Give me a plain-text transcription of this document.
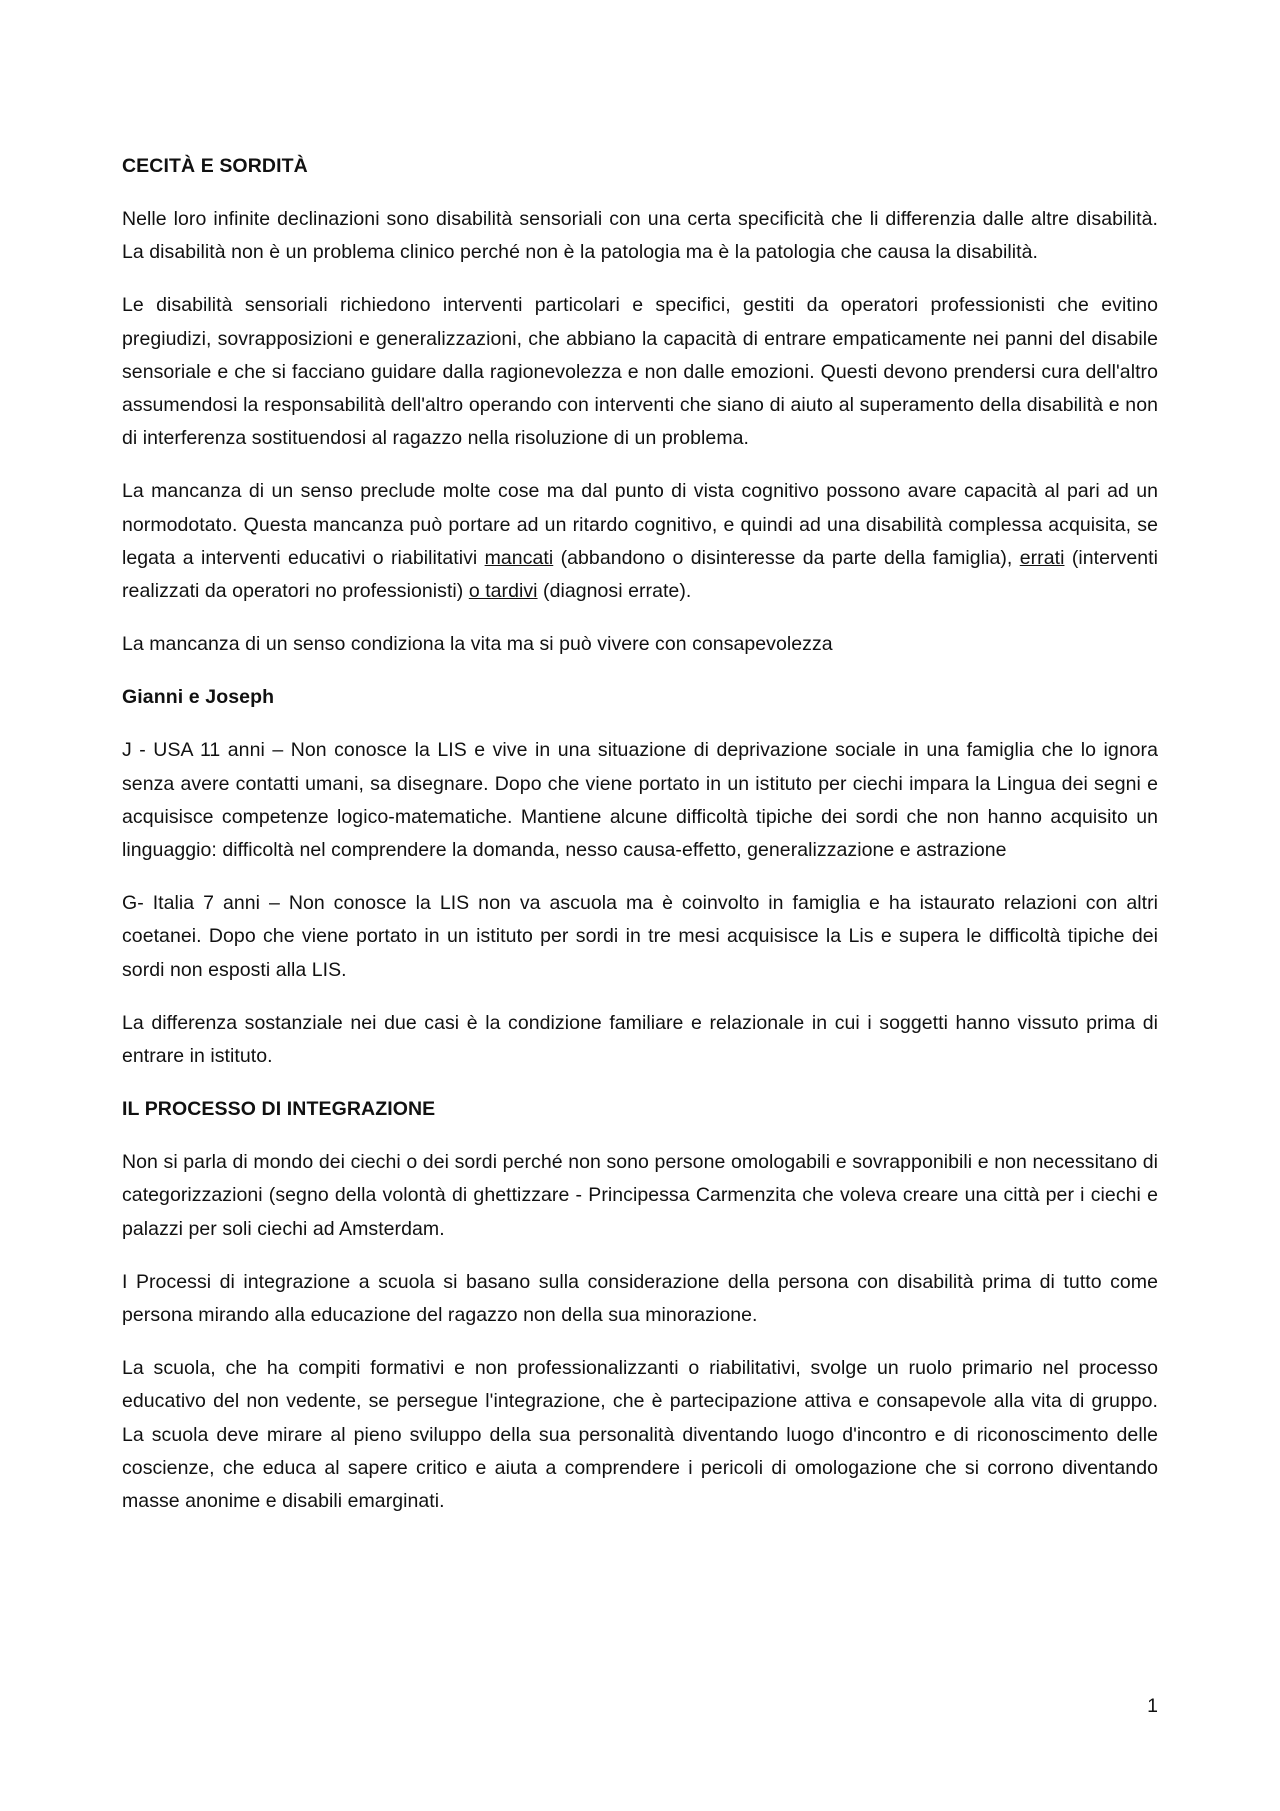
CECITÀ E SORDITÀ
Nelle loro infinite declinazioni sono disabilità sensoriali con una certa specificità che li differenzia dalle altre disabilità. La disabilità non è un problema clinico perché non è la patologia ma è la patologia che causa la disabilità.
Le disabilità sensoriali richiedono interventi particolari e specifici, gestiti da operatori professionisti che evitino pregiudizi, sovrapposizioni e generalizzazioni, che abbiano la capacità di entrare empaticamente nei panni del disabile sensoriale e che si facciano guidare dalla ragionevolezza e non dalle emozioni. Questi devono prendersi cura dell'altro assumendosi la responsabilità dell'altro operando con interventi che siano di aiuto al superamento della disabilità e non di interferenza sostituendosi al ragazzo nella risoluzione di un problema.
La mancanza di un senso preclude molte cose ma dal punto di vista cognitivo possono avare capacità al pari ad un normodotato. Questa mancanza può portare ad un ritardo cognitivo, e quindi ad una disabilità complessa acquisita, se legata a interventi educativi o riabilitativi mancati (abbandono o disinteresse da parte della famiglia), errati (interventi realizzati da operatori no professionisti) o tardivi (diagnosi errate).
La mancanza di un senso condiziona la vita ma si può vivere con consapevolezza
Gianni e Joseph
J - USA 11 anni – Non conosce la LIS e vive in una situazione di deprivazione sociale in una famiglia che lo ignora senza avere contatti umani, sa disegnare. Dopo che viene portato in un istituto per ciechi impara la Lingua dei segni e acquisisce competenze logico-matematiche. Mantiene alcune difficoltà tipiche dei sordi che non hanno acquisito un linguaggio: difficoltà nel comprendere la domanda, nesso causa-effetto, generalizzazione e astrazione
G- Italia 7 anni – Non conosce la LIS non va ascuola ma è coinvolto in famiglia e ha istaurato relazioni con altri coetanei. Dopo che viene portato in un istituto per sordi in tre mesi acquisisce la Lis e supera le difficoltà tipiche dei sordi non esposti alla LIS.
La differenza sostanziale nei due casi è la condizione familiare e relazionale in cui i soggetti hanno vissuto prima di entrare in istituto.
IL PROCESSO DI INTEGRAZIONE
Non si parla di mondo dei ciechi o dei sordi perché non sono persone omologabili e sovrapponibili e non necessitano di categorizzazioni (segno della volontà di ghettizzare - Principessa Carmenzita che voleva creare una città per i ciechi e palazzi per soli ciechi ad Amsterdam.
I Processi di integrazione a scuola si basano sulla considerazione della persona con disabilità prima di tutto come persona mirando alla educazione del ragazzo non della sua minorazione.
La scuola, che ha compiti formativi e non professionalizzanti o riabilitativi, svolge un ruolo primario nel processo educativo del non vedente, se persegue l'integrazione, che è partecipazione attiva e consapevole alla vita di gruppo. La scuola deve mirare al pieno sviluppo della sua personalità diventando luogo d'incontro e di riconoscimento delle coscienze, che educa al sapere critico e aiuta a comprendere i pericoli di omologazione che si corrono diventando masse anonime e disabili emarginati.
1
